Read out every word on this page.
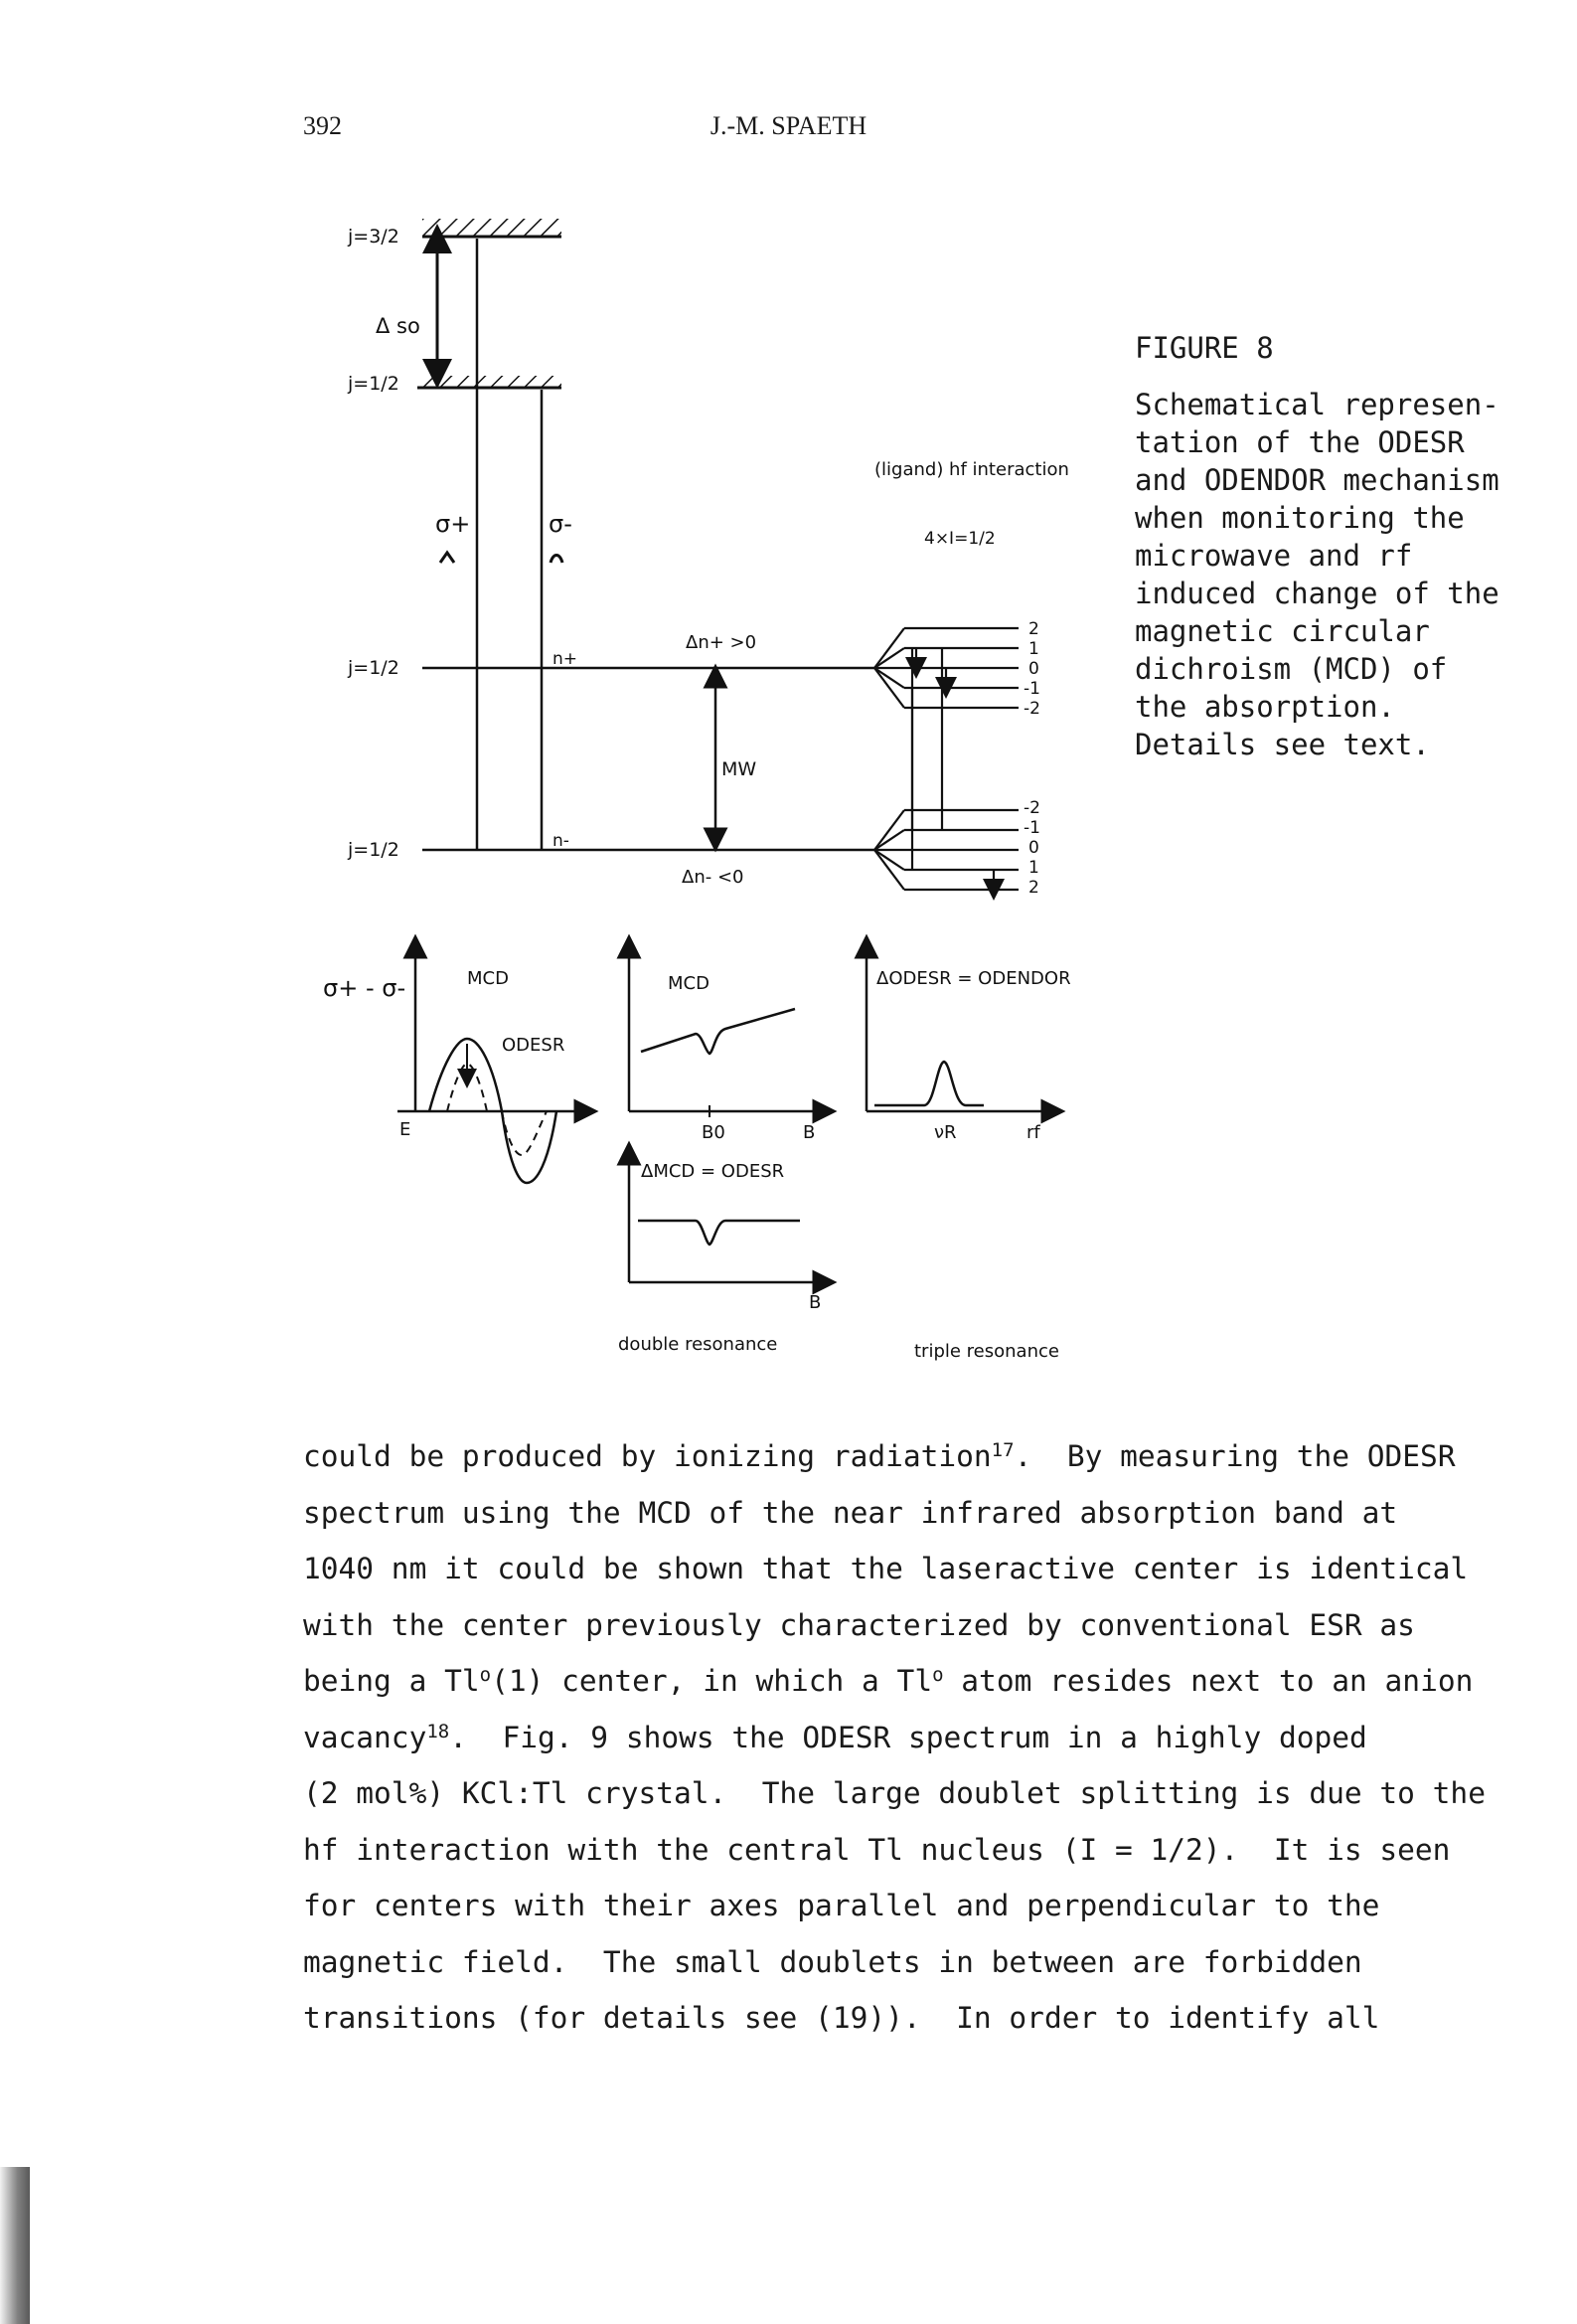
392	J.-M. SPAETH
j=3/2
j=1/2
Δ so
σ+	σ-
j=1/2
j=1/2
n+
n-
Δn+ >0
Δn- <0
MW
(ligand) hf interaction
4×I=1/2
2
1
0
-1
-2
-2
-1
0
1
2
σ+ - σ-	MCD
ODESR
E
MCD
B0	B
ΔMCD = ODESR
B
double resonance
ΔODESR = ODENDOR
νR	rf
triple resonance
FIGURE 8
Schematical represen-
tation of the ODESR
and ODENDOR mechanism
when monitoring the
microwave and rf
induced change of the
magnetic circular
dichroism (MCD) of
the absorption.
Details see text.
could be produced by ionizing radiation$^{17}$.  By measuring the ODESR
spectrum using the MCD of the near infrared absorption band at
1040 nm it could be shown that the laseractive center is identical
with the center previously characterized by conventional ESR as
being a Tl$^o$(1) center, in which a Tl$^o$ atom resides next to an anion
vacancy$^{18}$.  Fig. 9 shows the ODESR spectrum in a highly doped
(2 mol%) KCl:Tl crystal.  The large doublet splitting is due to the
hf interaction with the central Tl nucleus (I = 1/2).  It is seen
for centers with their axes parallel and perpendicular to the
magnetic field.  The small doublets in between are forbidden
transitions (for details see (19)).  In order to identify all
